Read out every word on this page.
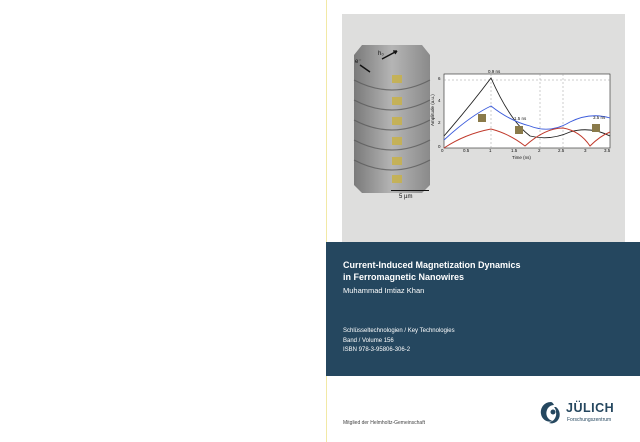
h₀
e⁻
5 µm
0.9 ns
1.5 ns	3.5 ns
0	0.5	1	1.5	2	2.5	3	3.5
0
2
4
6
Time (ns)
Amplitude (a.u.)
Current-Induced Magnetization Dynamics
in Ferromagnetic Nanowires
Muhammad Imtiaz Khan
Schlüsseltechnologien / Key Technologies
Band / Volume 156
ISBN 978-3-95806-306-2
Mitglied der Helmholtz-Gemeinschaft
JÜLICH
Forschungszentrum
